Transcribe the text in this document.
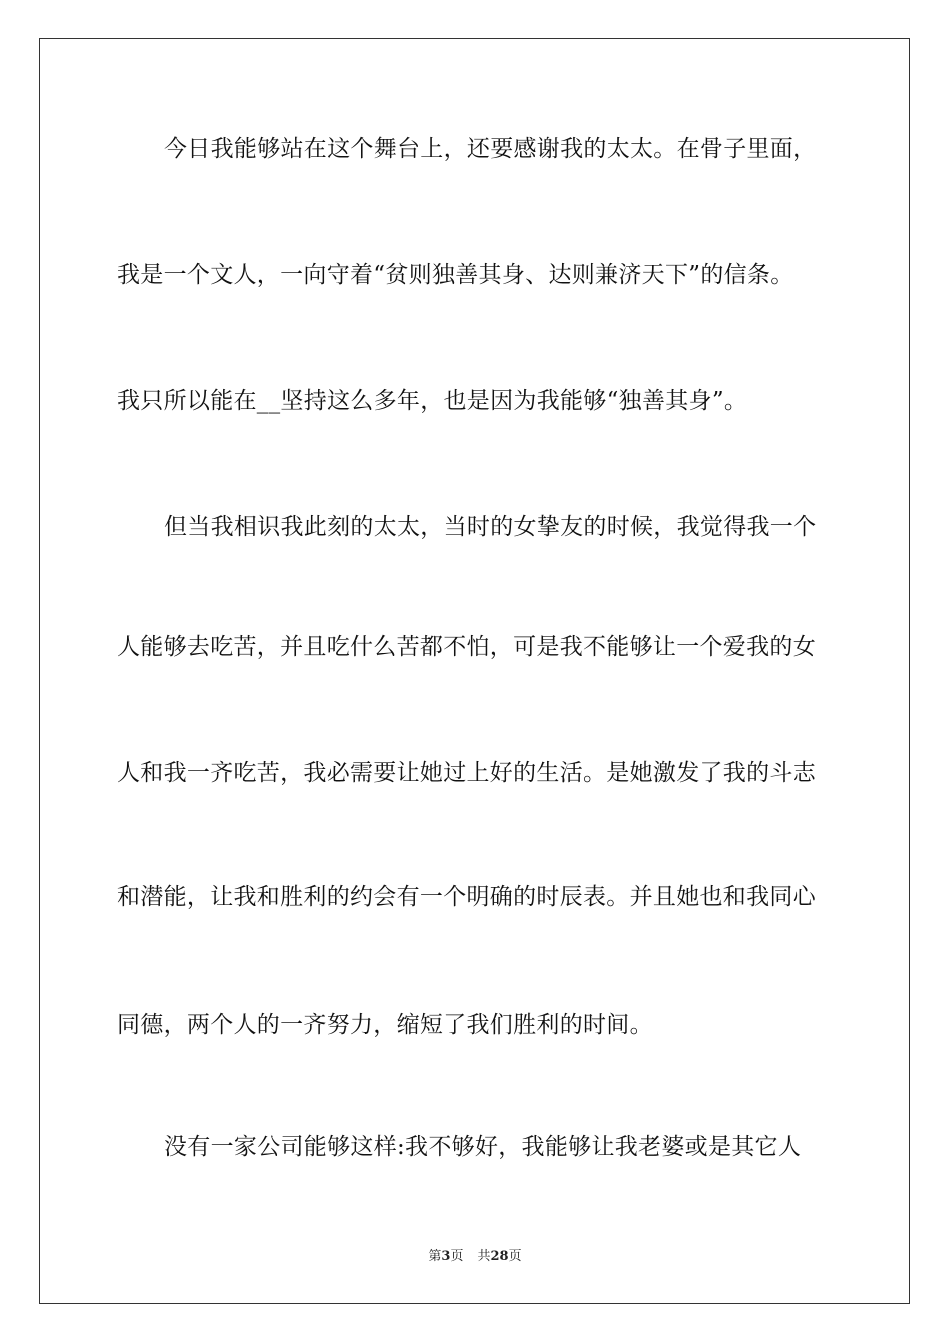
今日我能够站在这个舞台上，还要感谢我的太太。在骨子里面，
我是一个文人，一向守着“贫则独善其身、达则兼济天下”的信条。
我只所以能在__坚持这么多年，也是因为我能够“独善其身”。
但当我相识我此刻的太太，当时的女挚友的时候，我觉得我一个
人能够去吃苦，并且吃什么苦都不怕，可是我不能够让一个爱我的女
人和我一齐吃苦，我必需要让她过上好的生活。是她激发了我的斗志
和潜能，让我和胜利的约会有一个明确的时辰表。并且她也和我同心
同德，两个人的一齐努力，缩短了我们胜利的时间。
没有一家公司能够这样:我不够好，我能够让我老婆或是其它人
第3页 共28页
